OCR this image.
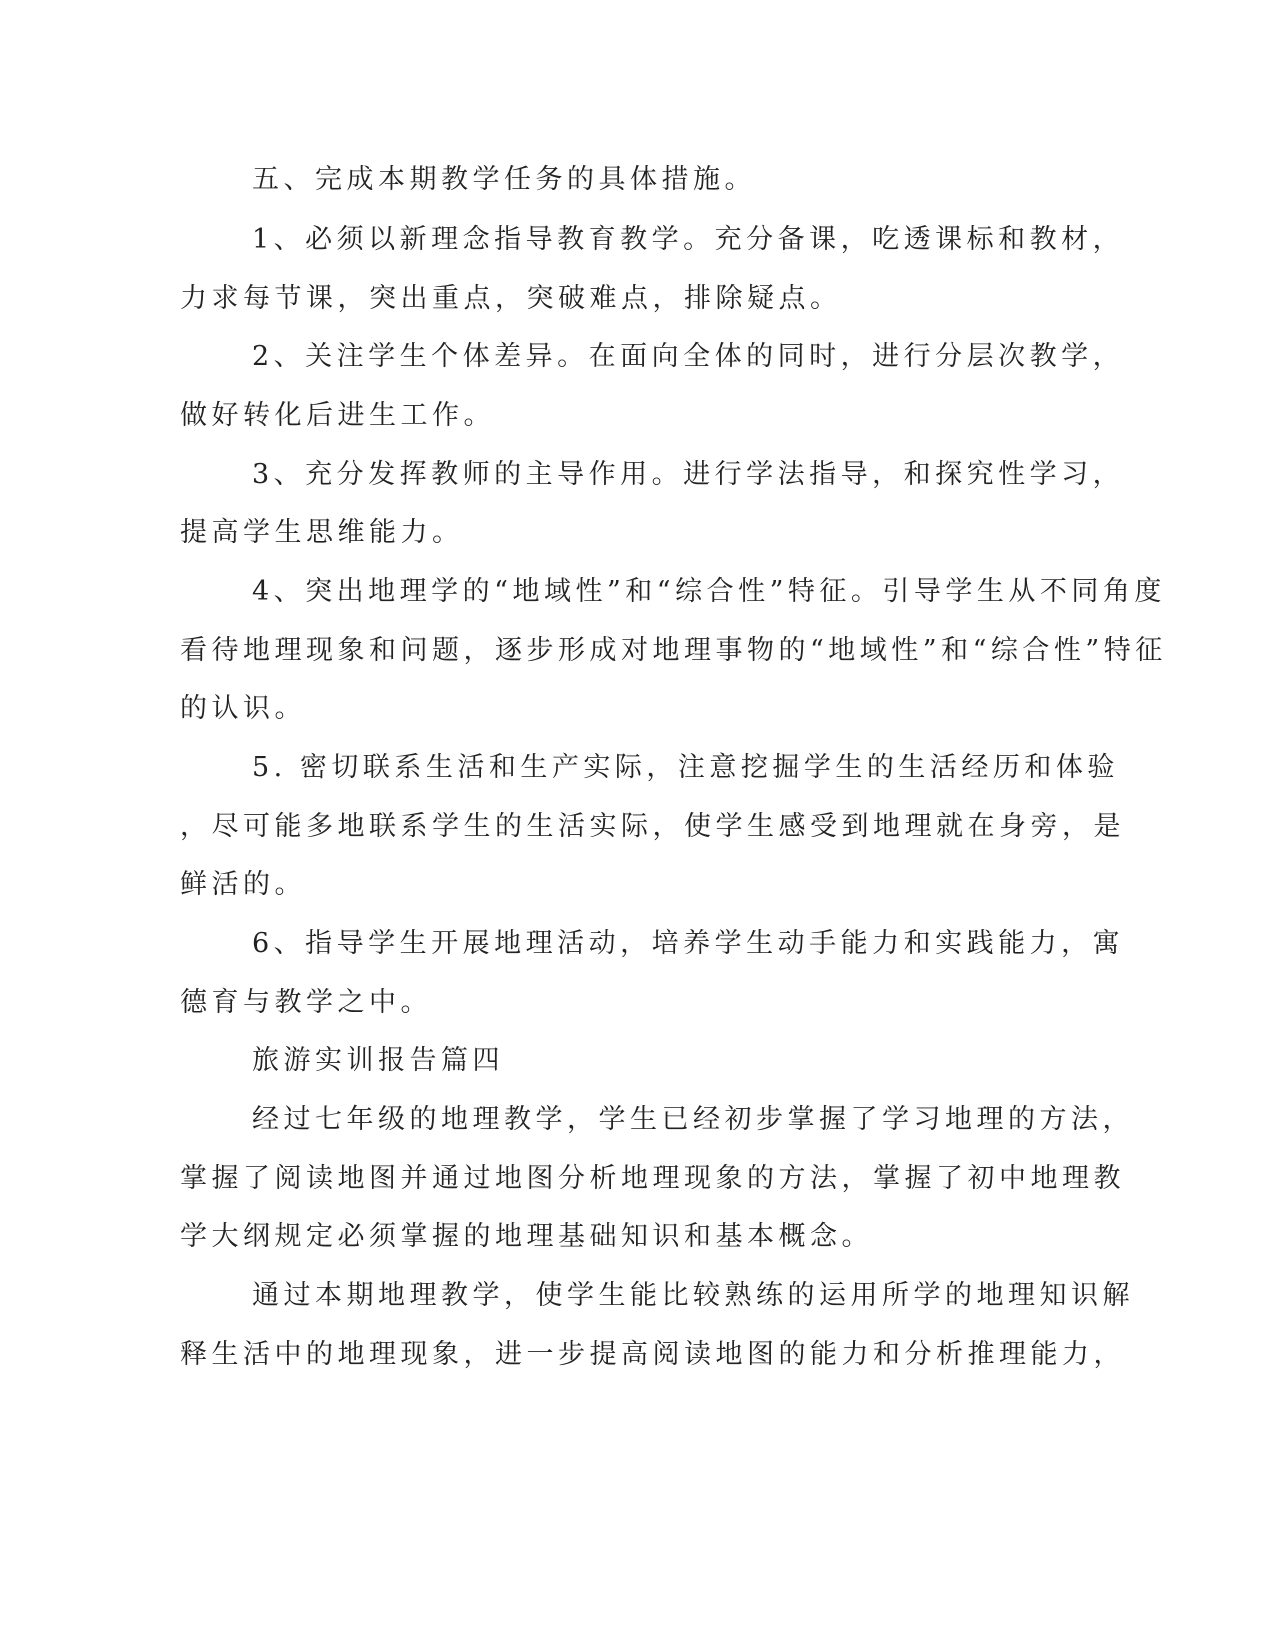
五、完成本期教学任务的具体措施。
1、必须以新理念指导教育教学。充分备课，吃透课标和教材，
力求每节课，突出重点，突破难点，排除疑点。
2、关注学生个体差异。在面向全体的同时，进行分层次教学，
做好转化后进生工作。
3、充分发挥教师的主导作用。进行学法指导，和探究性学习，
提高学生思维能力。
4、突出地理学的“地域性”和“综合性”特征。引导学生从不同角度
看待地理现象和问题，逐步形成对地理事物的“地域性”和“综合性”特征
的认识。
5. 密切联系生活和生产实际，注意挖掘学生的生活经历和体验
，尽可能多地联系学生的生活实际，使学生感受到地理就在身旁，是
鲜活的。
6、指导学生开展地理活动，培养学生动手能力和实践能力，寓
德育与教学之中。
旅游实训报告篇四
经过七年级的地理教学，学生已经初步掌握了学习地理的方法，
掌握了阅读地图并通过地图分析地理现象的方法，掌握了初中地理教
学大纲规定必须掌握的地理基础知识和基本概念。
通过本期地理教学，使学生能比较熟练的运用所学的地理知识解
释生活中的地理现象，进一步提高阅读地图的能力和分析推理能力，
